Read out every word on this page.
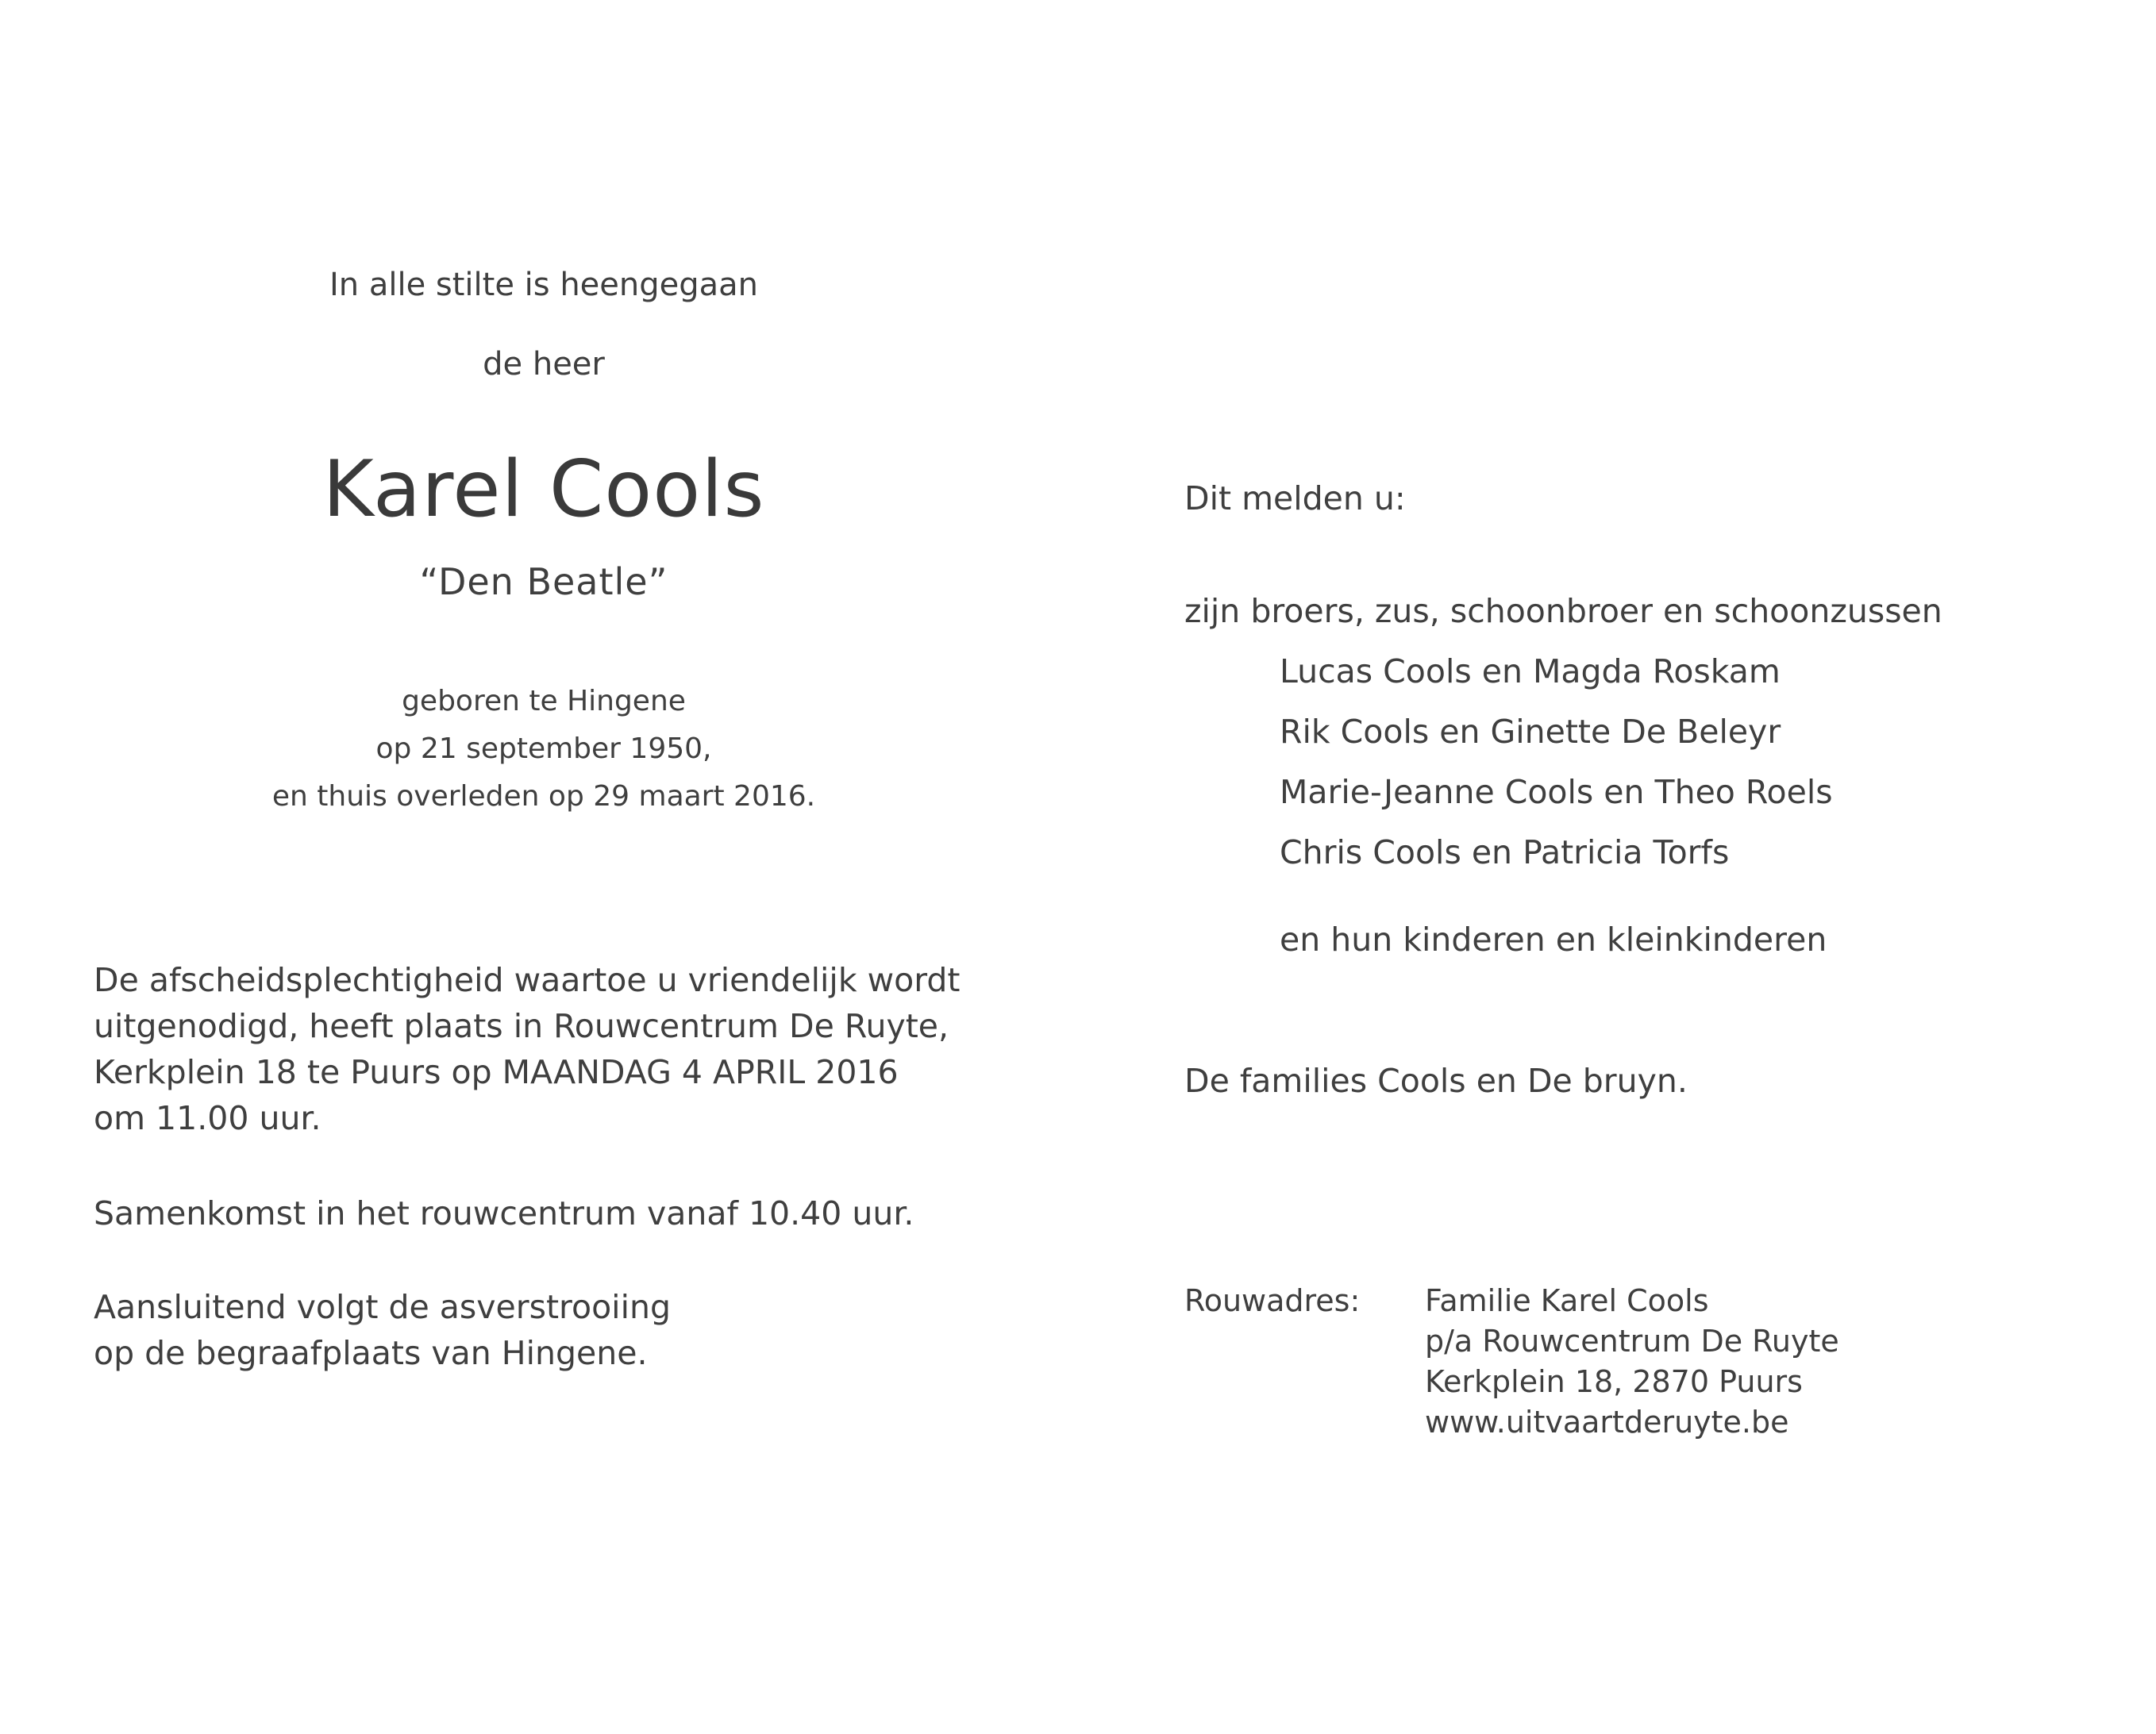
In alle stilte is heengegaan
de heer
Karel Cools
“Den Beatle”
geboren te Hingene
op 21 september 1950,
en thuis overleden op 29 maart 2016.
De afscheidsplechtigheid waartoe u vriendelijk wordt
uitgenodigd, heeft plaats in Rouwcentrum De Ruyte,
Kerkplein 18 te Puurs op MAANDAG 4 APRIL 2016
om 11.00 uur.
Samenkomst in het rouwcentrum vanaf 10.40 uur.
Aansluitend volgt de asverstrooiing
op de begraafplaats van Hingene.
Dit melden u:
zijn broers, zus, schoonbroer en schoonzussen
Lucas Cools en Magda Roskam
Rik Cools en Ginette De Beleyr
Marie-Jeanne Cools en Theo Roels
Chris Cools en Patricia Torfs
en hun kinderen en kleinkinderen
De families Cools en De bruyn.
Rouwadres: Familie Karel Cools
p/a Rouwcentrum De Ruyte
Kerkplein 18, 2870 Puurs
www.uitvaartderuyte.be
